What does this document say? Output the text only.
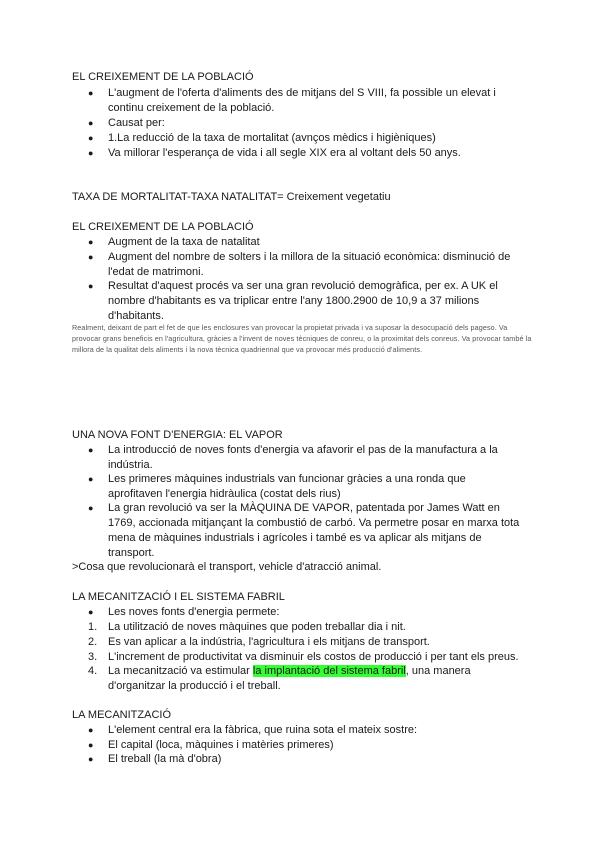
EL CREIXEMENT DE LA POBLACIÓ
● L'augment de l'oferta d'aliments des de mitjans del S VIII, fa possible un elevat i continu creixement de la població.
● Causat per:
● 1.La reducció de la taxa de mortalitat (avnços mèdics i higièniques)
● Va millorar l'esperança de vida i all segle XIX era al voltant dels 50 anys.
TAXA DE MORTALITAT-TAXA NATALITAT= Creixement vegetatiu
EL CREIXEMENT DE LA POBLACIÓ
● Augment de la taxa de natalitat
● Augment del nombre de solters i la millora de la situació econòmica: disminució de l'edat de matrimoni.
● Resultat d'aquest procés va ser una gran revolució demogràfica, per ex. A UK el nombre d'habitants es va triplicar entre l'any 1800.2900 de 10,9 a 37 milions d'habitants.
Realment, deixant de part el fet de que les enclosures van provocar la propietat privada i va suposar la desocupació dels pageso. Va provocar grans beneficis en l'agricultura, gràcies a l'invent de noves tècniques de conreu, o la proximitat dels conreus. Va provocar també la millora de la qualitat dels aliments i la nova tècnica quadriennal que va provocar més producció d'aliments.
UNA NOVA FONT D'ENERGIA: EL VAPOR
● La introducció de noves fonts d'energia va afavorir el pas de la manufactura a la indústria.
● Les primeres màquines industrials van funcionar gràcies a una ronda que aprofitaven l'energia hidràulica (costat dels rius)
● La gran revolució va ser la MÀQUINA DE VAPOR, patentada por James Watt en 1769, accionada mitjançant la combustió de carbó. Va permetre posar en marxa tota mena de màquines industrials i agrícoles i també es va aplicar als mitjans de transport.
>Cosa que revolucionarà el transport, vehicle d'atracció animal.
LA MECANITZACIÓ I EL SISTEMA FABRIL
● Les noves fonts d'energia permete:
1. La utilització de noves màquines que poden treballar dia i nit.
2. Es van aplicar a la indústria, l'agricultura i els mitjans de transport.
3. L'increment de productivitat va disminuir els costos de producció i per tant els preus.
4. La mecanització va estimular la implantació del sistema fabril, una manera d'organitzar la producció i el treball.
LA MECANITZACIÓ
● L'element central era la fàbrica, que ruina sota el mateix sostre:
● El capital (loca, màquines i matèries primeres)
● El treball (la mà d'obra)
